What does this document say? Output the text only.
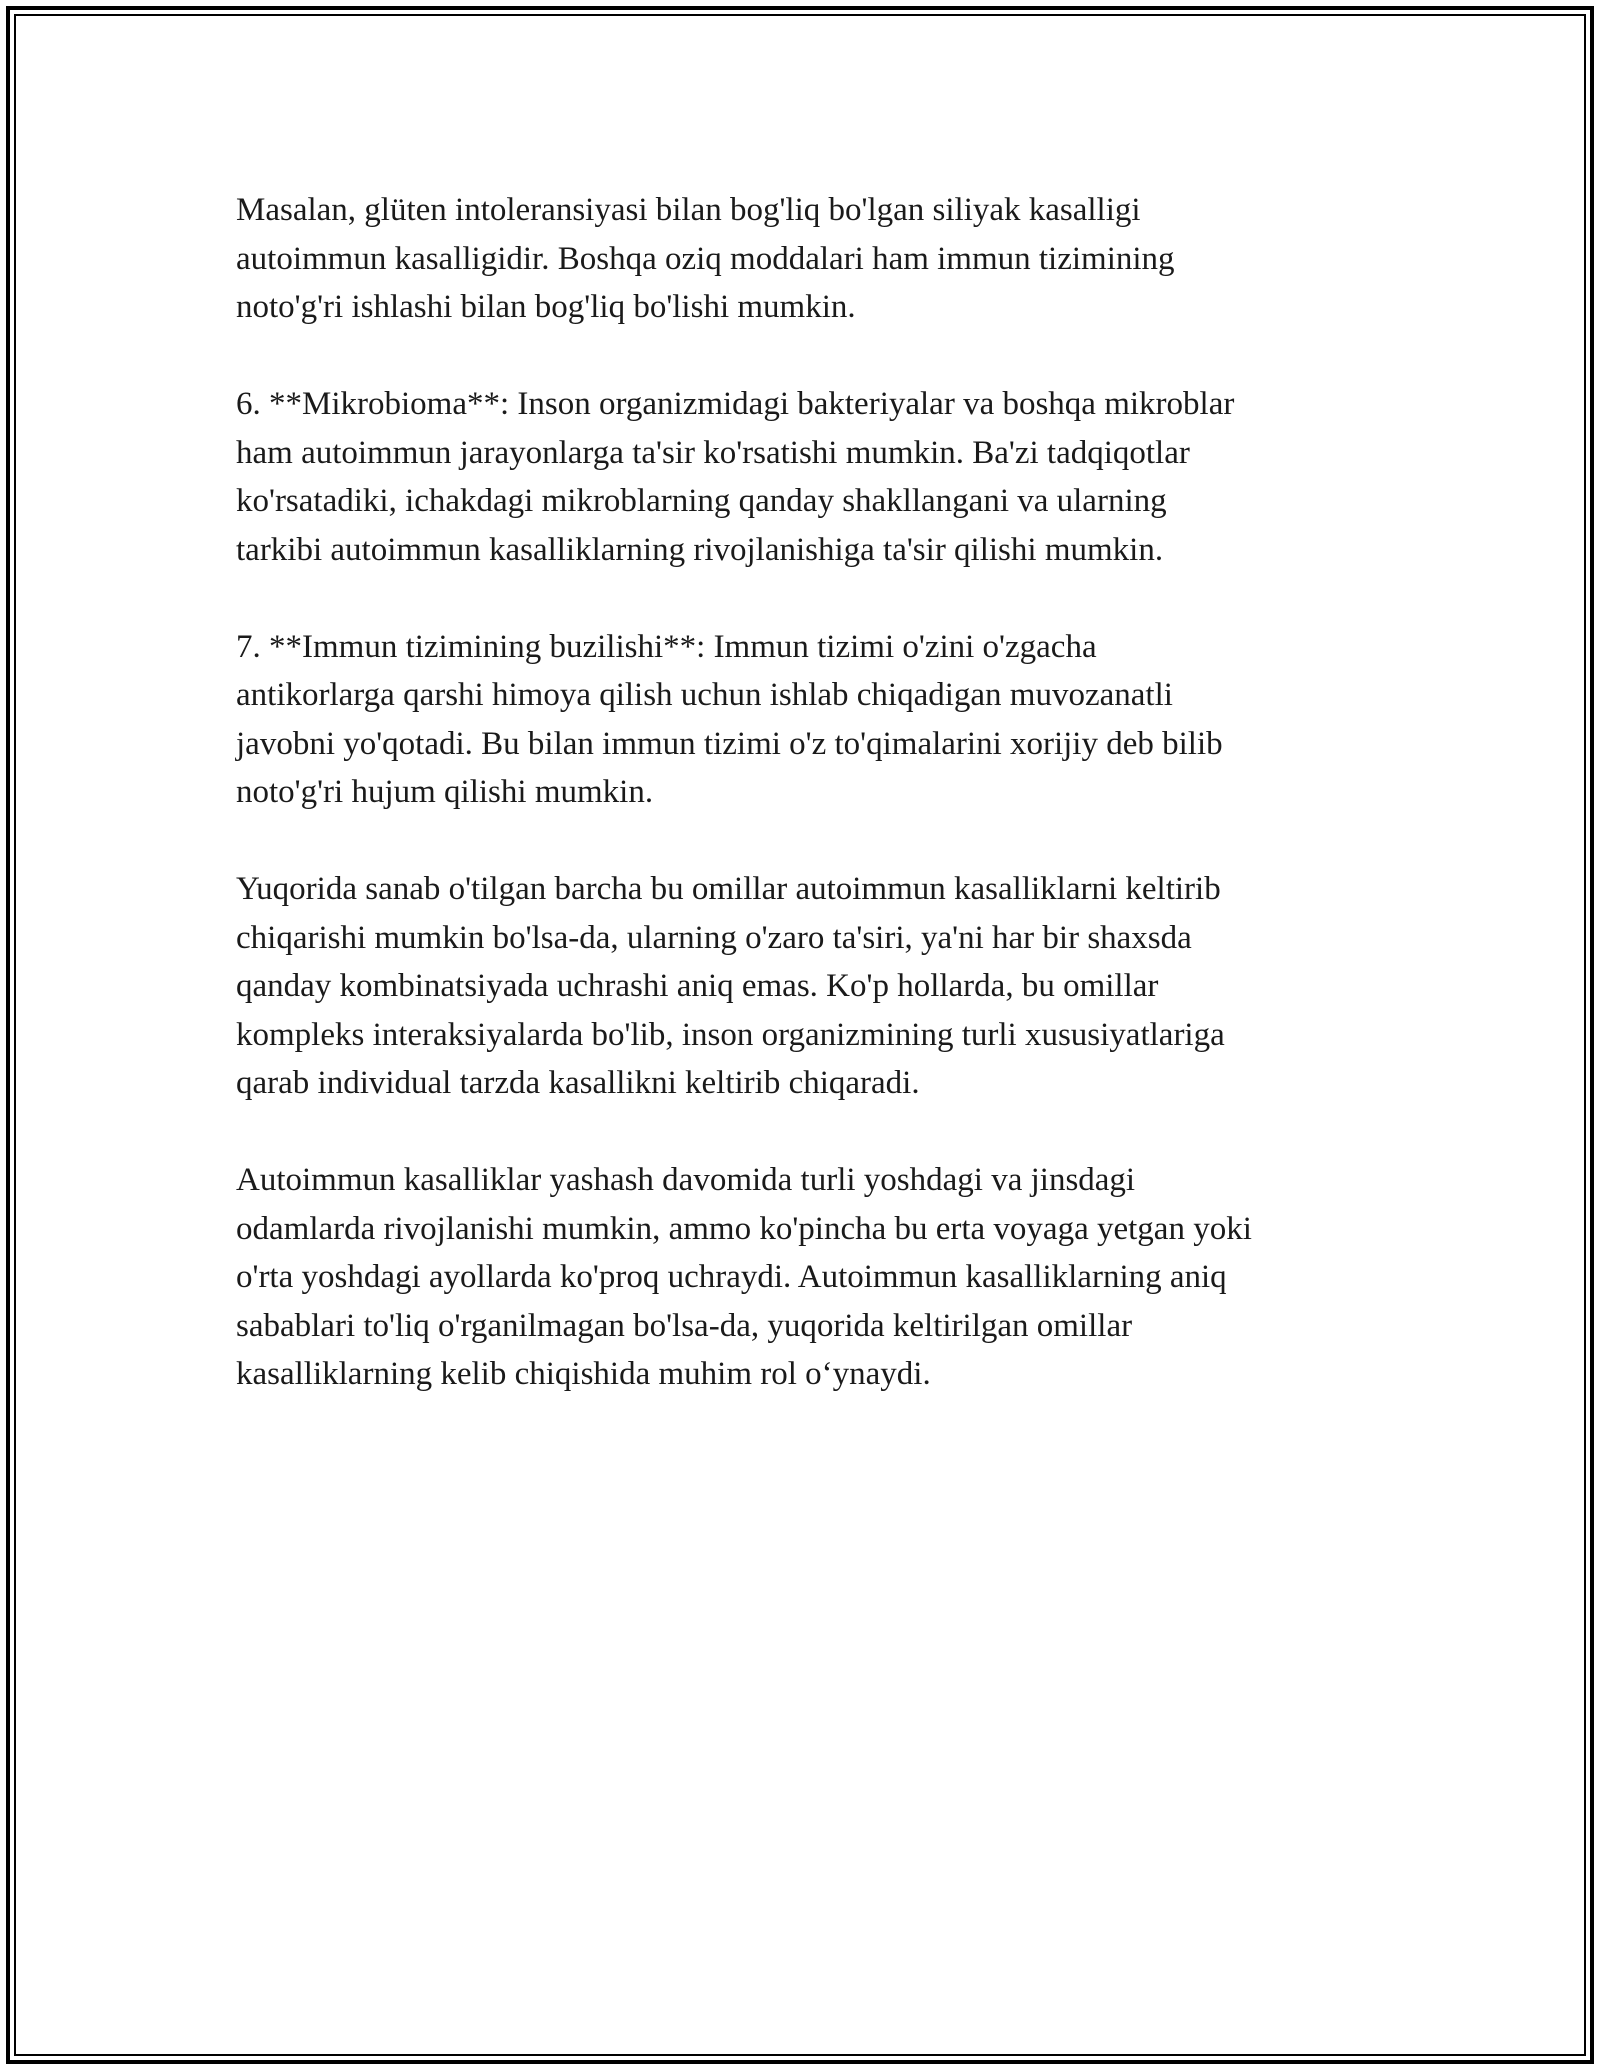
Masalan, glüten intoleransiyasi bilan bog'liq bo'lgan siliyak kasalligi
autoimmun kasalligidir. Boshqa oziq moddalari ham immun tizimining
noto'g'ri ishlashi bilan bog'liq bo'lishi mumkin.

6. **Mikrobioma**: Inson organizmidagi bakteriyalar va boshqa mikroblar
ham autoimmun jarayonlarga ta'sir ko'rsatishi mumkin. Ba'zi tadqiqotlar
ko'rsatadiki, ichakdagi mikroblarning qanday shakllangani va ularning
tarkibi autoimmun kasalliklarning rivojlanishiga ta'sir qilishi mumkin.

7. **Immun tizimining buzilishi**: Immun tizimi o'zini o'zgacha
antikorlarga qarshi himoya qilish uchun ishlab chiqadigan muvozanatli
javobni yo'qotadi. Bu bilan immun tizimi o'z to'qimalarini xorijiy deb bilib
noto'g'ri hujum qilishi mumkin.

Yuqorida sanab o'tilgan barcha bu omillar autoimmun kasalliklarni keltirib
chiqarishi mumkin bo'lsa-da, ularning o'zaro ta'siri, ya'ni har bir shaxsda
qanday kombinatsiyada uchrashi aniq emas. Ko'p hollarda, bu omillar
kompleks interaksiyalarda bo'lib, inson organizmining turli xususiyatlariga
qarab individual tarzda kasallikni keltirib chiqaradi.

Autoimmun kasalliklar yashash davomida turli yoshdagi va jinsdagi
odamlarda rivojlanishi mumkin, ammo ko'pincha bu erta voyaga yetgan yoki
o'rta yoshdagi ayollarda ko'proq uchraydi. Autoimmun kasalliklarning aniq
sabablari to'liq o'rganilmagan bo'lsa-da, yuqorida keltirilgan omillar
kasalliklarning kelib chiqishida muhim rol o‘ynaydi.
